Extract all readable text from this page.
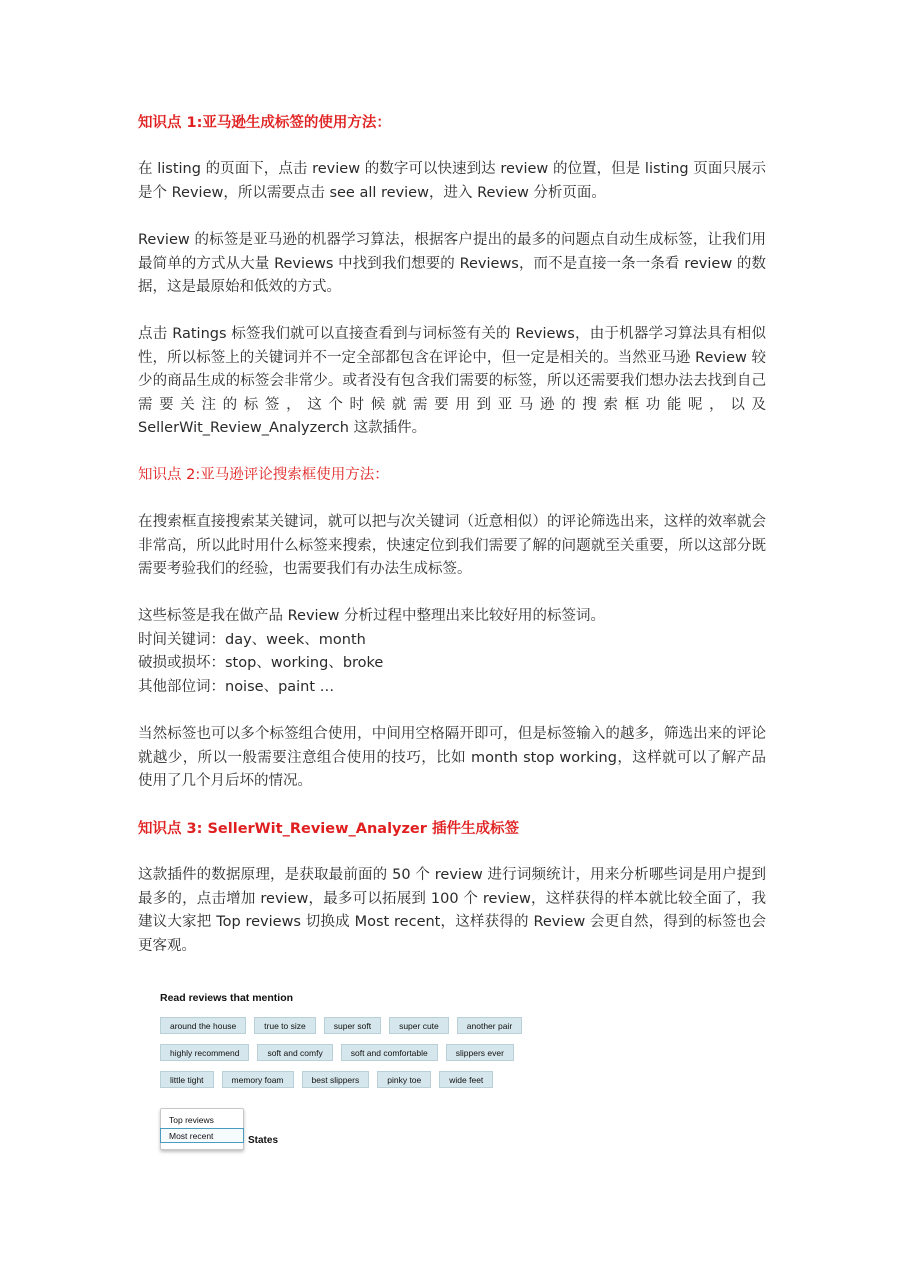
知识点 1:亚马逊生成标签的使用方法：
在 listing 的页面下，点击 review 的数字可以快速到达 review 的位置，但是 listing 页面只展示是个 Review，所以需要点击 see all review，进入 Review 分析页面。
Review 的标签是亚马逊的机器学习算法，根据客户提出的最多的问题点自动生成标签，让我们用最简单的方式从大量 Reviews 中找到我们想要的 Reviews，而不是直接一条一条看 review 的数据，这是最原始和低效的方式。
点击 Ratings 标签我们就可以直接查看到与词标签有关的 Reviews，由于机器学习算法具有相似性，所以标签上的关键词并不一定全部都包含在评论中，但一定是相关的。当然亚马逊 Review 较少的商品生成的标签会非常少。或者没有包含我们需要的标签，所以还需要我们想办法去找到自己需要关注的标签，这个时候就需要用到亚马逊的搜索框功能呢，以及 SellerWit_Review_Analyzerch 这款插件。
知识点 2:亚马逊评论搜索框使用方法：
在搜索框直接搜索某关键词，就可以把与次关键词（近意相似）的评论筛选出来，这样的效率就会非常高，所以此时用什么标签来搜索，快速定位到我们需要了解的问题就至关重要，所以这部分既需要考验我们的经验，也需要我们有办法生成标签。
这些标签是我在做产品 Review 分析过程中整理出来比较好用的标签词。
时间关键词：day、week、month
破损或损坏：stop、working、broke
其他部位词：noise、paint …
当然标签也可以多个标签组合使用，中间用空格隔开即可，但是标签输入的越多，筛选出来的评论就越少，所以一般需要注意组合使用的技巧，比如 month stop working，这样就可以了解产品使用了几个月后坏的情况。
知识点 3: SellerWit_Review_Analyzer 插件生成标签
这款插件的数据原理，是获取最前面的 50 个 review 进行词频统计，用来分析哪些词是用户提到最多的，点击增加 review，最多可以拓展到 100 个 review，这样获得的样本就比较全面了，我建议大家把 Top reviews 切换成 Most recent，这样获得的 Review 会更自然，得到的标签也会更客观。
Read reviews that mention
around the house	true to size	super soft	super cute	another pair
highly recommend	soft and comfy	soft and comfortable	slippers ever
little tight	memory foam	best slippers	pinky toe	wide feet
Top reviews
Most recent	States
